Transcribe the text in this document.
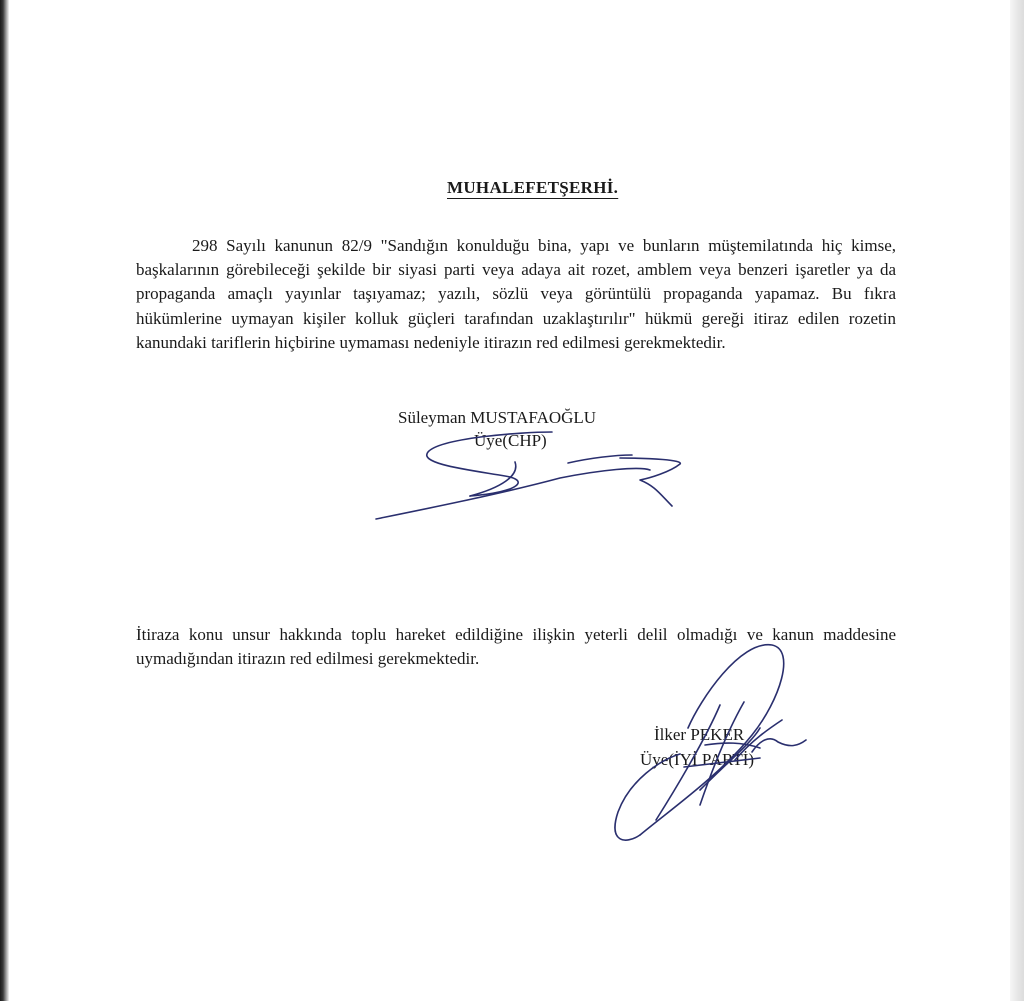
MUHALEFETŞERHİ.

298 Sayılı kanunun 82/9 "Sandığın konulduğu bina, yapı ve bunların müştemilatında hiç kimse, başkalarının görebileceği şekilde bir siyasi parti veya adaya ait rozet, amblem veya benzeri işaretler ya da propaganda amaçlı yayınlar taşıyamaz; yazılı, sözlü veya görüntülü propaganda yapamaz. Bu fıkra hükümlerine uymayan kişiler kolluk güçleri tarafından uzaklaştırılır" hükmü gereği itiraz edilen rozetin kanundaki tariflerin hiçbirine uymaması nedeniyle itirazın red edilmesi gerekmektedir.

Süleyman MUSTAFAOĞLU
Üye(CHP)

İtiraza konu unsur hakkında toplu hareket edildiğine ilişkin yeterli delil olmadığı ve kanun maddesine uymadığından itirazın red edilmesi gerekmektedir.

İlker PEKER
Üye(İYİ PARTİ)
